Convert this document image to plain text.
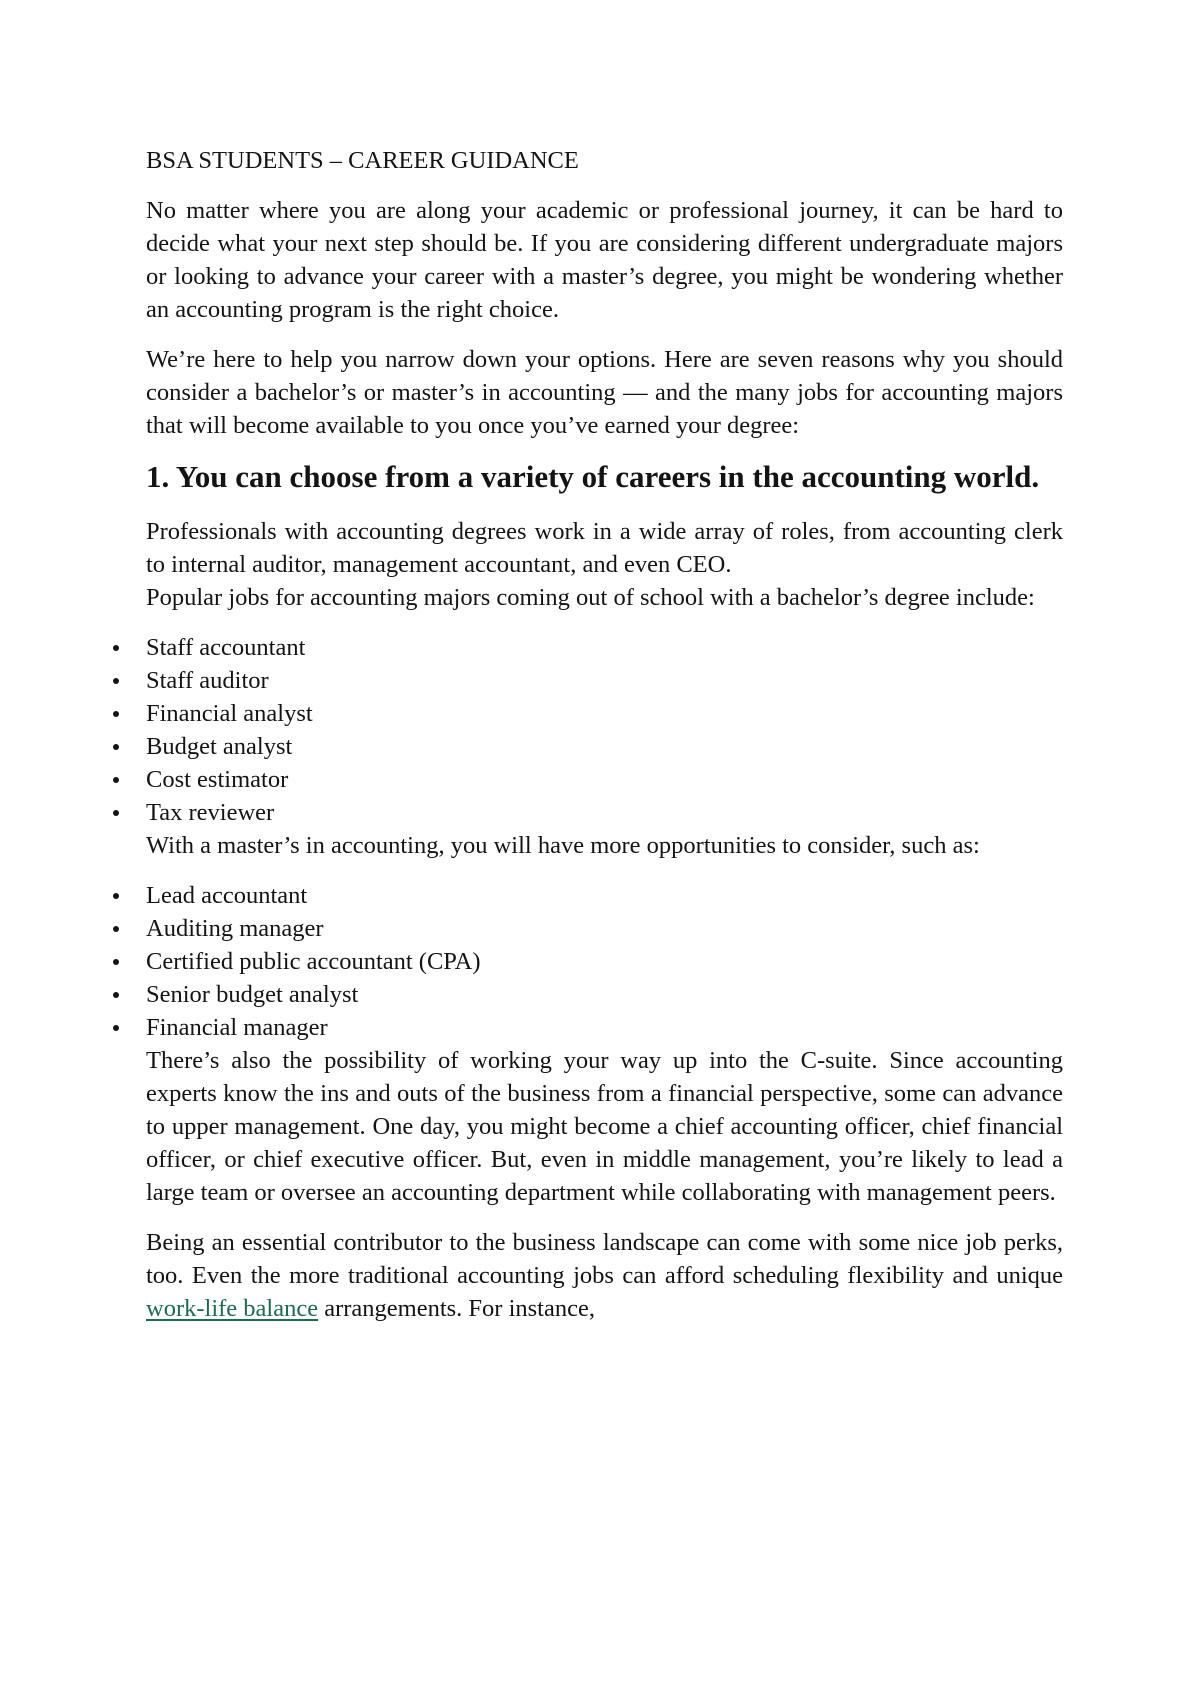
BSA STUDENTS – CAREER GUIDANCE

No matter where you are along your academic or professional journey, it can be hard to decide what your next step should be. If you are considering different undergraduate majors or looking to advance your career with a master’s degree, you might be wondering whether an accounting program is the right choice.

We’re here to help you narrow down your options. Here are seven reasons why you should consider a bachelor’s or master’s in accounting — and the many jobs for accounting majors that will become available to you once you’ve earned your degree:

1. You can choose from a variety of careers in the accounting world.

Professionals with accounting degrees work in a wide array of roles, from accounting clerk to internal auditor, management accountant, and even CEO.

Popular jobs for accounting majors coming out of school with a bachelor’s degree include:

Staff accountant
Staff auditor
Financial analyst
Budget analyst
Cost estimator
Tax reviewer

With a master’s in accounting, you will have more opportunities to consider, such as:

Lead accountant
Auditing manager
Certified public accountant (CPA)
Senior budget analyst
Financial manager

There’s also the possibility of working your way up into the C-suite. Since accounting experts know the ins and outs of the business from a financial perspective, some can advance to upper management. One day, you might become a chief accounting officer, chief financial officer, or chief executive officer. But, even in middle management, you’re likely to lead a large team or oversee an accounting department while collaborating with management peers.

Being an essential contributor to the business landscape can come with some nice job perks, too. Even the more traditional accounting jobs can afford scheduling flexibility and unique work-life balance arrangements. For instance,
